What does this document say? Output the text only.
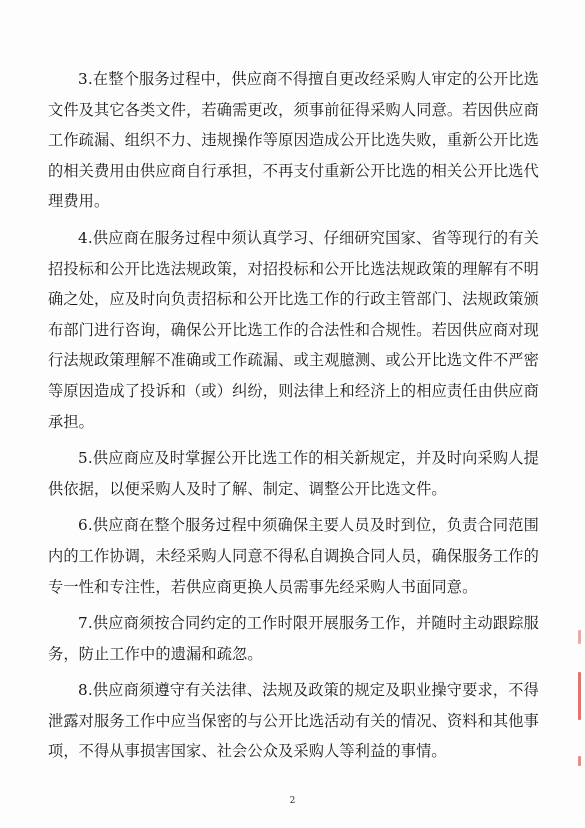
3.在整个服务过程中，供应商不得擅自更改经采购人审定的公开比选文件及其它各类文件，若确需更改，须事前征得采购人同意。若因供应商工作疏漏、组织不力、违规操作等原因造成公开比选失败，重新公开比选的相关费用由供应商自行承担，不再支付重新公开比选的相关公开比选代理费用。

4.供应商在服务过程中须认真学习、仔细研究国家、省等现行的有关招投标和公开比选法规政策，对招投标和公开比选法规政策的理解有不明确之处，应及时向负责招标和公开比选工作的行政主管部门、法规政策颁布部门进行咨询，确保公开比选工作的合法性和合规性。若因供应商对现行法规政策理解不准确或工作疏漏、或主观臆测、或公开比选文件不严密等原因造成了投诉和（或）纠纷，则法律上和经济上的相应责任由供应商承担。

5.供应商应及时掌握公开比选工作的相关新规定，并及时向采购人提供依据，以便采购人及时了解、制定、调整公开比选文件。

6.供应商在整个服务过程中须确保主要人员及时到位，负责合同范围内的工作协调，未经采购人同意不得私自调换合同人员，确保服务工作的专一性和专注性，若供应商更换人员需事先经采购人书面同意。

7.供应商须按合同约定的工作时限开展服务工作，并随时主动跟踪服务，防止工作中的遗漏和疏忽。

8.供应商须遵守有关法律、法规及政策的规定及职业操守要求，不得泄露对服务工作中应当保密的与公开比选活动有关的情况、资料和其他事项，不得从事损害国家、社会公众及采购人等利益的事情。

2
